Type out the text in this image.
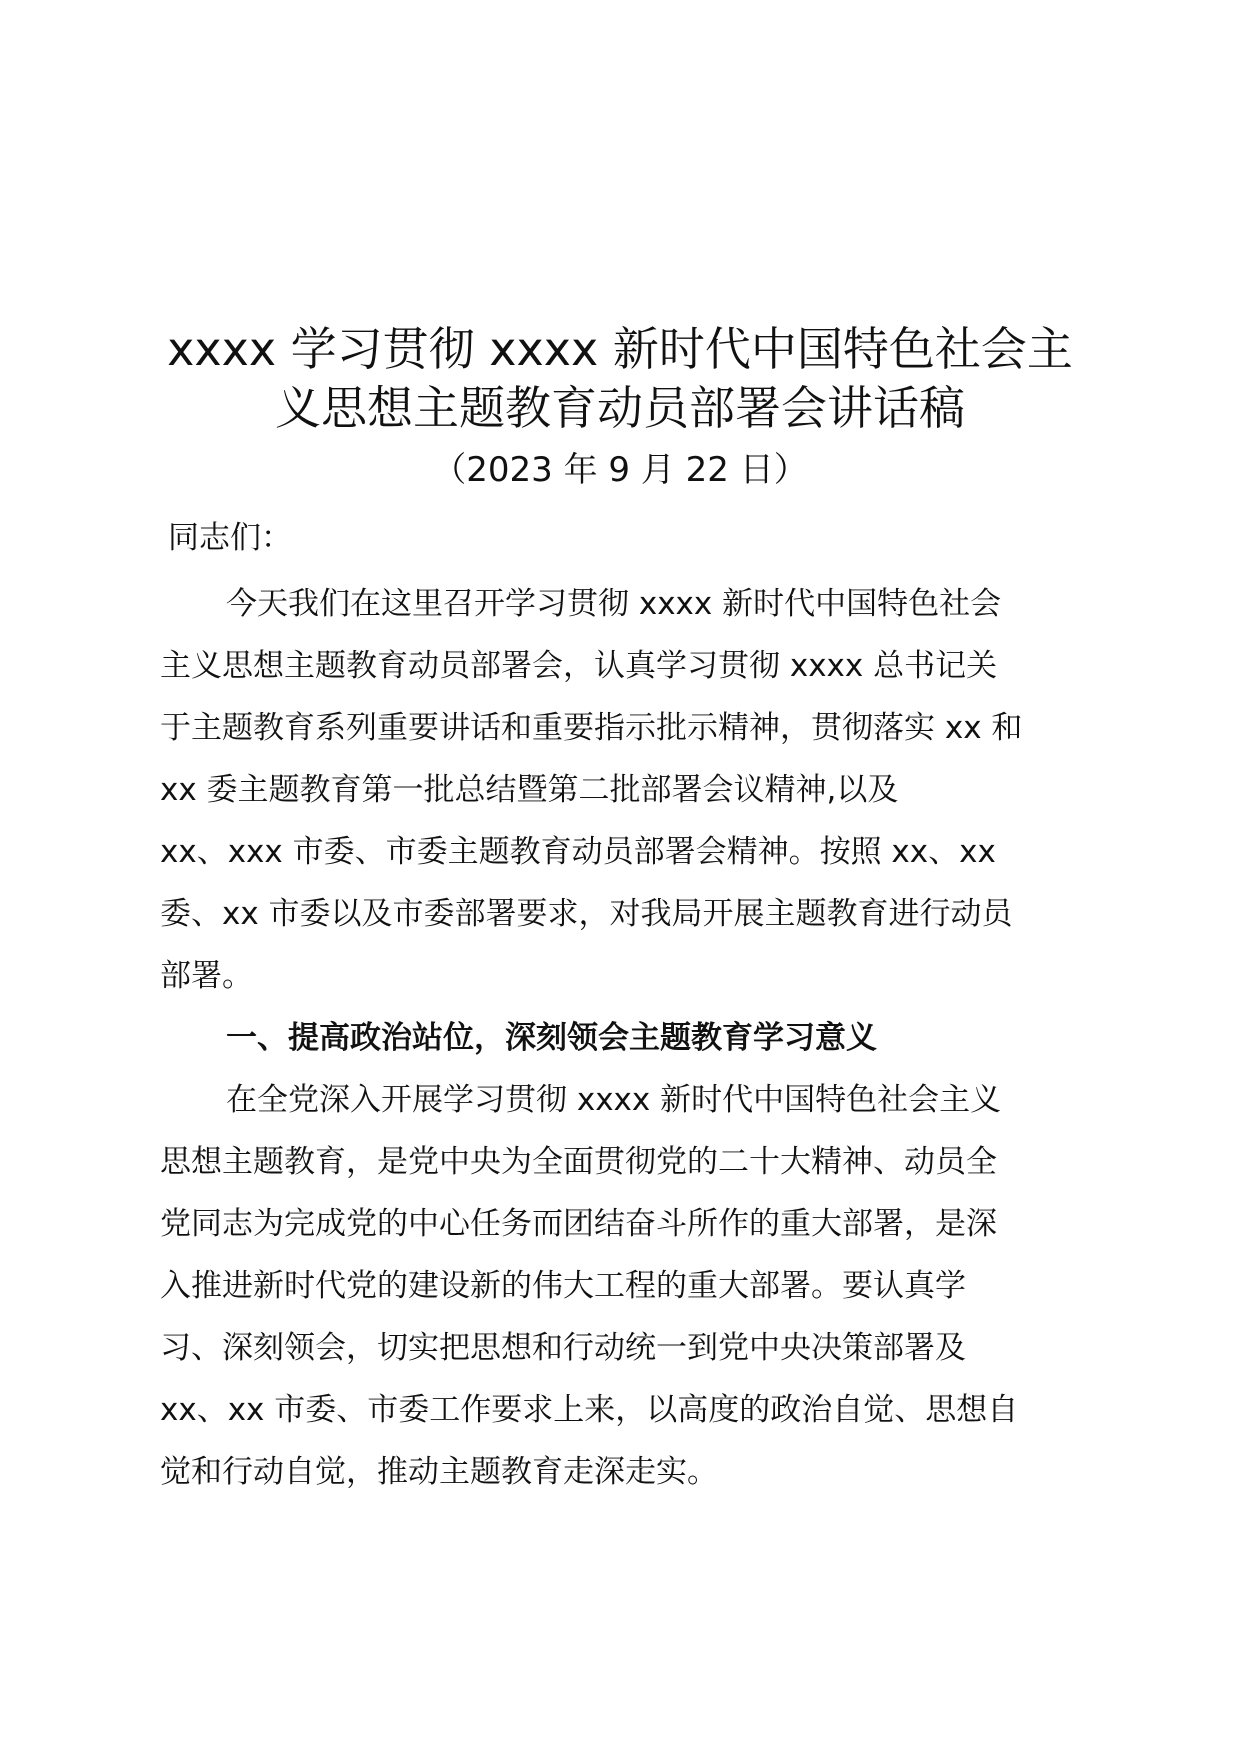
xxxx 学习贯彻 xxxx 新时代中国特色社会主
义思想主题教育动员部署会讲话稿
（2023 年 9 月 22 日）
同志们：
今天我们在这里召开学习贯彻 xxxx 新时代中国特色社会
主义思想主题教育动员部署会，认真学习贯彻 xxxx 总书记关
于主题教育系列重要讲话和重要指示批示精神，贯彻落实 xx 和
xx 委主题教育第一批总结暨第二批部署会议精神,以及
xx、xxx 市委、市委主题教育动员部署会精神。按照 xx、xx
委、xx 市委以及市委部署要求，对我局开展主题教育进行动员
部署。
一、提高政治站位，深刻领会主题教育学习意义
在全党深入开展学习贯彻 xxxx 新时代中国特色社会主义
思想主题教育，是党中央为全面贯彻党的二十大精神、动员全
党同志为完成党的中心任务而团结奋斗所作的重大部署，是深
入推进新时代党的建设新的伟大工程的重大部署。要认真学
习、深刻领会，切实把思想和行动统一到党中央决策部署及
xx、xx 市委、市委工作要求上来，以高度的政治自觉、思想自
觉和行动自觉，推动主题教育走深走实。
